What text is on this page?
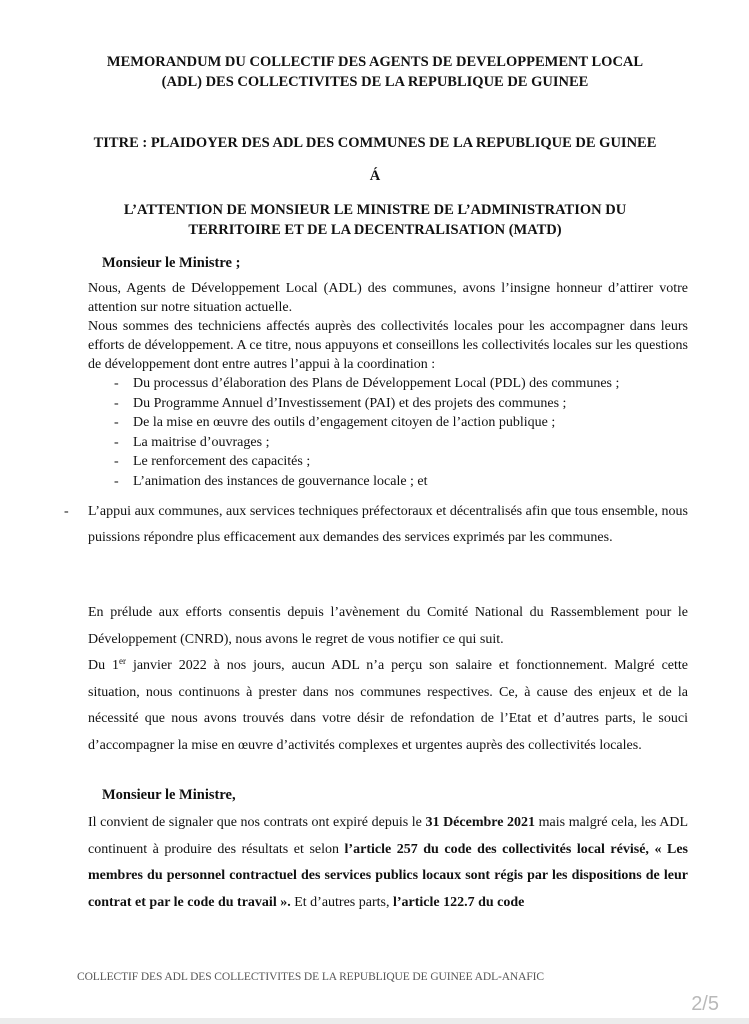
MEMORANDUM DU COLLECTIF DES AGENTS DE DEVELOPPEMENT LOCAL
(ADL) DES COLLECTIVITES DE LA REPUBLIQUE DE GUINEE
TITRE : PLAIDOYER DES ADL DES COMMUNES DE LA REPUBLIQUE DE GUINEE
Á
L’ATTENTION DE MONSIEUR LE MINISTRE DE L’ADMINISTRATION DU
TERRITOIRE ET DE LA DECENTRALISATION (MATD)
Monsieur le Ministre ;

Nous, Agents de Développement Local (ADL) des communes, avons l’insigne honneur d’attirer votre attention sur notre situation actuelle.

Nous sommes des techniciens affectés auprès des collectivités locales pour les accompagner dans leurs efforts de développement. A ce titre, nous appuyons et conseillons les collectivités locales sur les questions de développement dont entre autres l’appui à la coordination :

- Du processus d’élaboration des Plans de Développement Local (PDL) des communes ;
- Du Programme Annuel d’Investissement (PAI) et des projets des communes ;
- De la mise en œuvre des outils d’engagement citoyen de l’action publique ;
- La maitrise d’ouvrages ;
- Le renforcement des capacités ;
- L’animation des instances de gouvernance locale ; et
- L’appui aux communes, aux services techniques préfectoraux et décentralisés afin que tous ensemble, nous puissions répondre plus efficacement aux demandes des services exprimés par les communes.

En prélude aux efforts consentis depuis l’avènement du Comité National du Rassemblement pour le Développement (CNRD), nous avons le regret de vous notifier ce qui suit.

Du 1er janvier 2022 à nos jours, aucun ADL n’a perçu son salaire et fonctionnement. Malgré cette situation, nous continuons à prester dans nos communes respectives. Ce, à cause des enjeux et de la nécessité que nous avons trouvés dans votre désir de refondation de l’Etat et d’autres parts, le souci d’accompagner la mise en œuvre d’activités complexes et urgentes auprès des collectivités locales.

Monsieur le Ministre,

Il convient de signaler que nos contrats ont expiré depuis le 31 Décembre 2021 mais malgré cela, les ADL continuent à produire des résultats et selon l’article 257 du code des collectivités local révisé, « Les membres du personnel contractuel des services publics locaux sont régis par les dispositions de leur contrat et par le code du travail ». Et d’autres parts, l’article 122.7 du code

COLLECTIF DES ADL DES COLLECTIVITES DE LA REPUBLIQUE DE GUINEE ADL-ANAFIC
2/5
